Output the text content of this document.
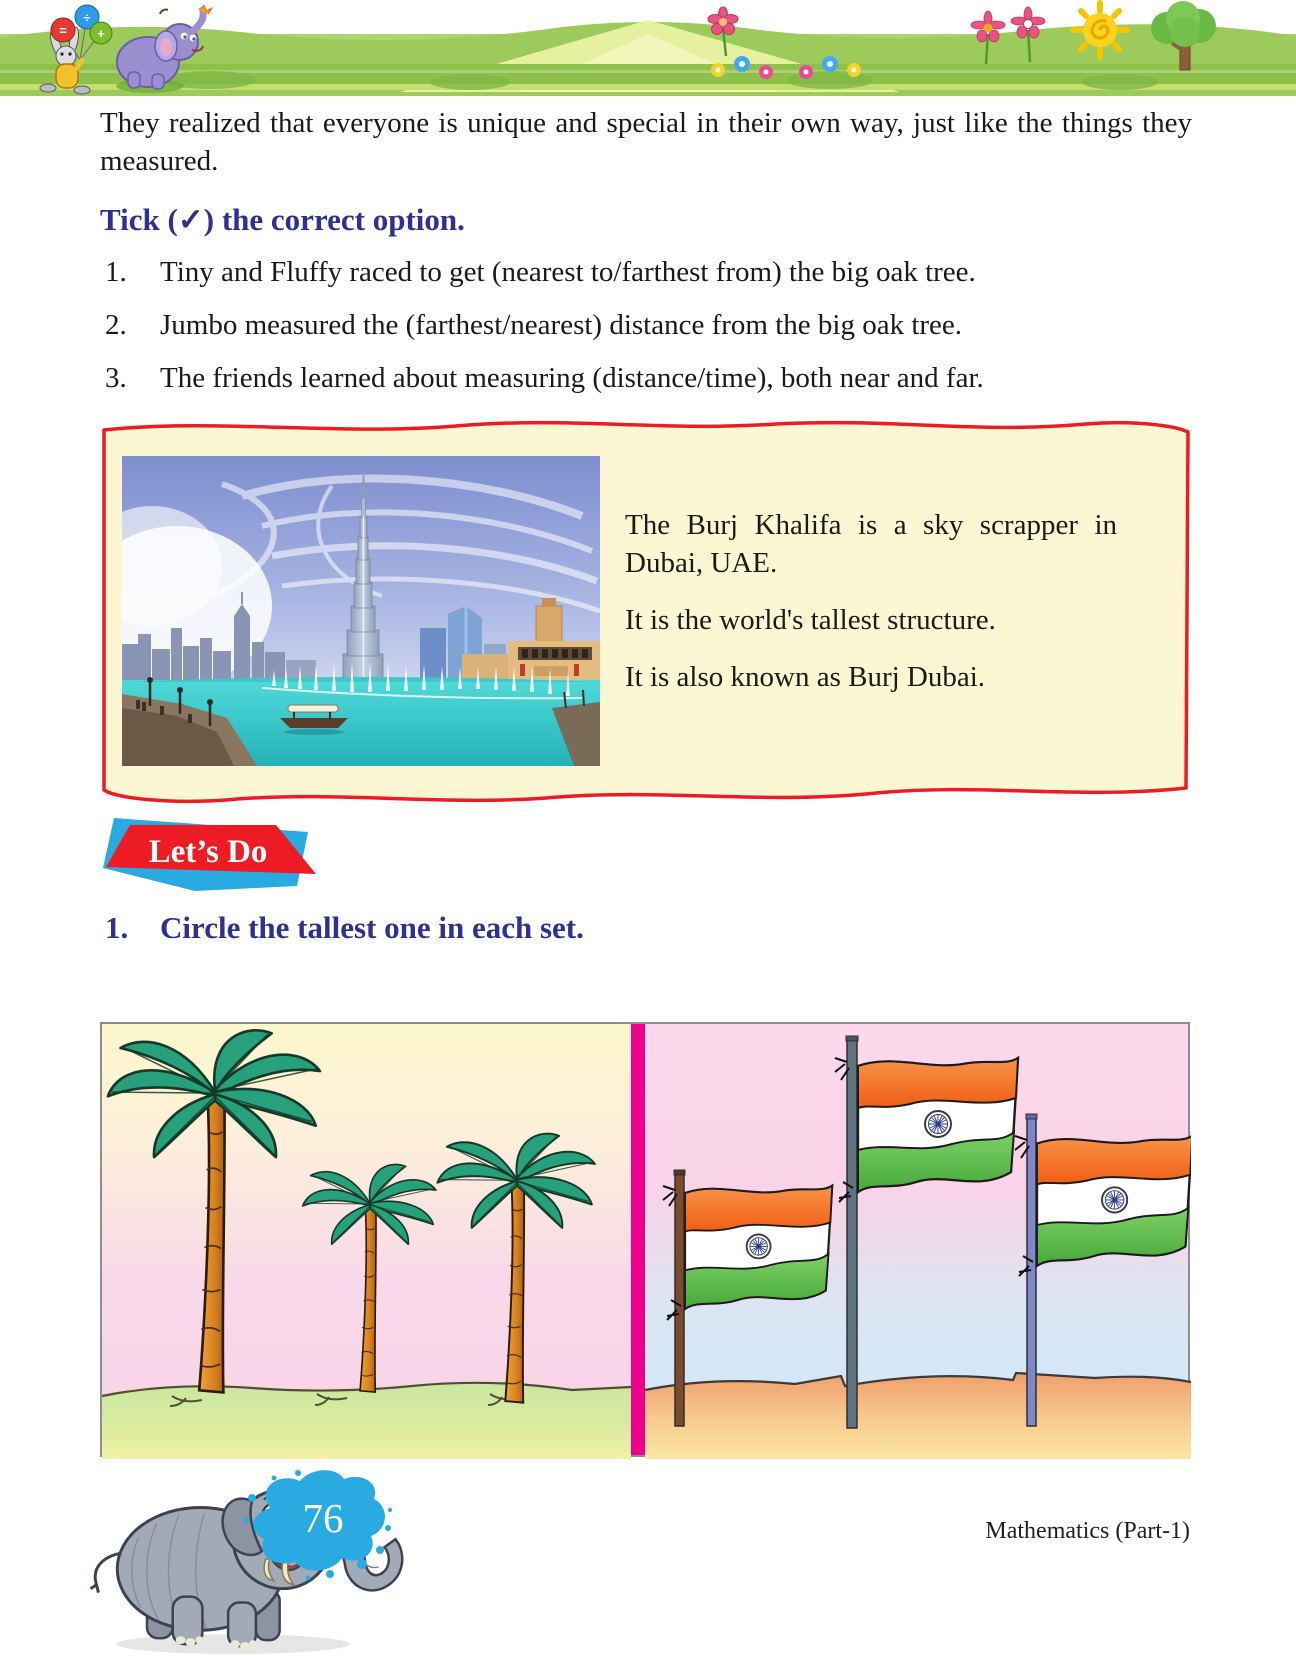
=
÷
+
They realized that everyone is unique and special in their own way, just like the things they measured.
Tick (✓) the correct option.
1.	Tiny and Fluffy raced to get (nearest to/farthest from) the big oak tree.
2.	Jumbo measured the (farthest/nearest) distance from the big oak tree.
3.	The friends learned about measuring (distance/time), both near and far.

The Burj Khalifa is a sky scrapper in Dubai, UAE.

It is the world's tallest structure.

It is also known as Burj Dubai.

Let’s Do
1. Circle the tallest one in each set.
76	Mathematics (Part-1)
